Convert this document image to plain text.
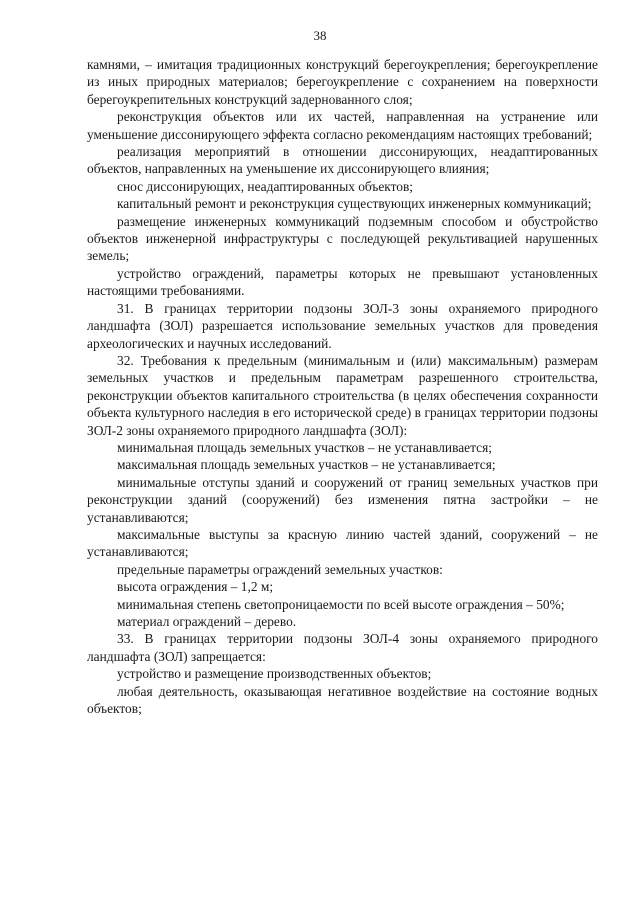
38

камнями, – имитация традиционных конструкций берегоукрепления; берегоукрепление из иных природных материалов; берегоукрепление с сохранением на поверхности берегоукрепительных конструкций задернованного слоя;

реконструкция объектов или их частей, направленная на устранение или уменьшение диссонирующего эффекта согласно рекомендациям настоящих требований;

реализация мероприятий в отношении диссонирующих, неадаптированных объектов, направленных на уменьшение их диссонирующего влияния;

снос диссонирующих, неадаптированных объектов;

капитальный ремонт и реконструкция существующих инженерных коммуникаций;

размещение инженерных коммуникаций подземным способом и обустройство объектов инженерной инфраструктуры с последующей рекультивацией нарушенных земель;

устройство ограждений, параметры которых не превышают установленных настоящими требованиями.

31. В границах территории подзоны ЗОЛ-3 зоны охраняемого природного ландшафта (ЗОЛ) разрешается использование земельных участков для проведения археологических и научных исследований.

32. Требования к предельным (минимальным и (или) максимальным) размерам земельных участков и предельным параметрам разрешенного строительства, реконструкции объектов капитального строительства (в целях обеспечения сохранности объекта культурного наследия в его исторической среде) в границах территории подзоны ЗОЛ-2 зоны охраняемого природного ландшафта (ЗОЛ):

минимальная площадь земельных участков – не устанавливается;

максимальная площадь земельных участков – не устанавливается;

минимальные отступы зданий и сооружений от границ земельных участков при реконструкции зданий (сооружений) без изменения пятна застройки – не устанавливаются;

максимальные выступы за красную линию частей зданий, сооружений – не устанавливаются;

предельные параметры ограждений земельных участков:

высота ограждения – 1,2 м;

минимальная степень светопроницаемости по всей высоте ограждения – 50%;

материал ограждений – дерево.

33. В границах территории подзоны ЗОЛ-4 зоны охраняемого природного ландшафта (ЗОЛ) запрещается:

устройство и размещение производственных объектов;

любая деятельность, оказывающая негативное воздействие на состояние водных объектов;
